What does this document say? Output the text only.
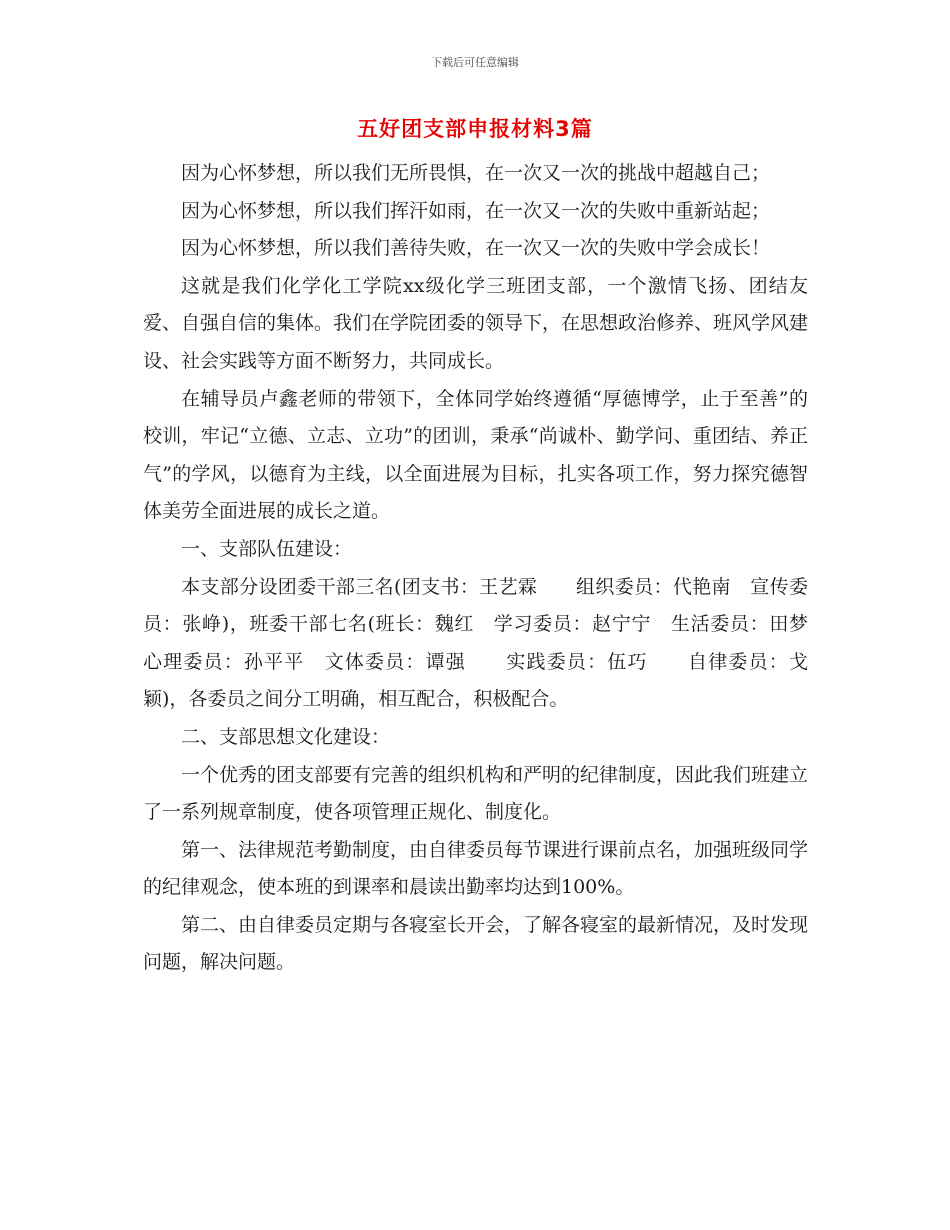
下载后可任意编辑
五好团支部申报材料3篇

因为心怀梦想，所以我们无所畏惧，在一次又一次的挑战中超越自己；

因为心怀梦想，所以我们挥汗如雨，在一次又一次的失败中重新站起；

因为心怀梦想，所以我们善待失败，在一次又一次的失败中学会成长！

这就是我们化学化工学院xx级化学三班团支部，一个激情飞扬、团结友爱、自强自信的集体。我们在学院团委的领导下，在思想政治修养、班风学风建设、社会实践等方面不断努力，共同成长。

在辅导员卢鑫老师的带领下，全体同学始终遵循“厚德博学，止于至善”的校训，牢记“立德、立志、立功”的团训，秉承“尚诚朴、勤学问、重团结、养正气”的学风，以德育为主线，以全面进展为目标，扎实各项工作，努力探究德智体美劳全面进展的成长之道。

一、支部队伍建设：

本支部分设团委干部三名(团支书：王艺霖　　组织委员：代艳南　宣传委员：张峥)，班委干部七名(班长：魏红　学习委员：赵宁宁　生活委员：田梦　　心理委员：孙平平　文体委员：谭强　　实践委员：伍巧　　自律委员：戈颖)，各委员之间分工明确，相互配合，积极配合。

二、支部思想文化建设：

一个优秀的团支部要有完善的组织机构和严明的纪律制度，因此我们班建立了一系列规章制度，使各项管理正规化、制度化。

第一、法律规范考勤制度，由自律委员每节课进行课前点名，加强班级同学的纪律观念，使本班的到课率和晨读出勤率均达到100%。

第二、由自律委员定期与各寝室长开会，了解各寝室的最新情况，及时发现问题，解决问题。
